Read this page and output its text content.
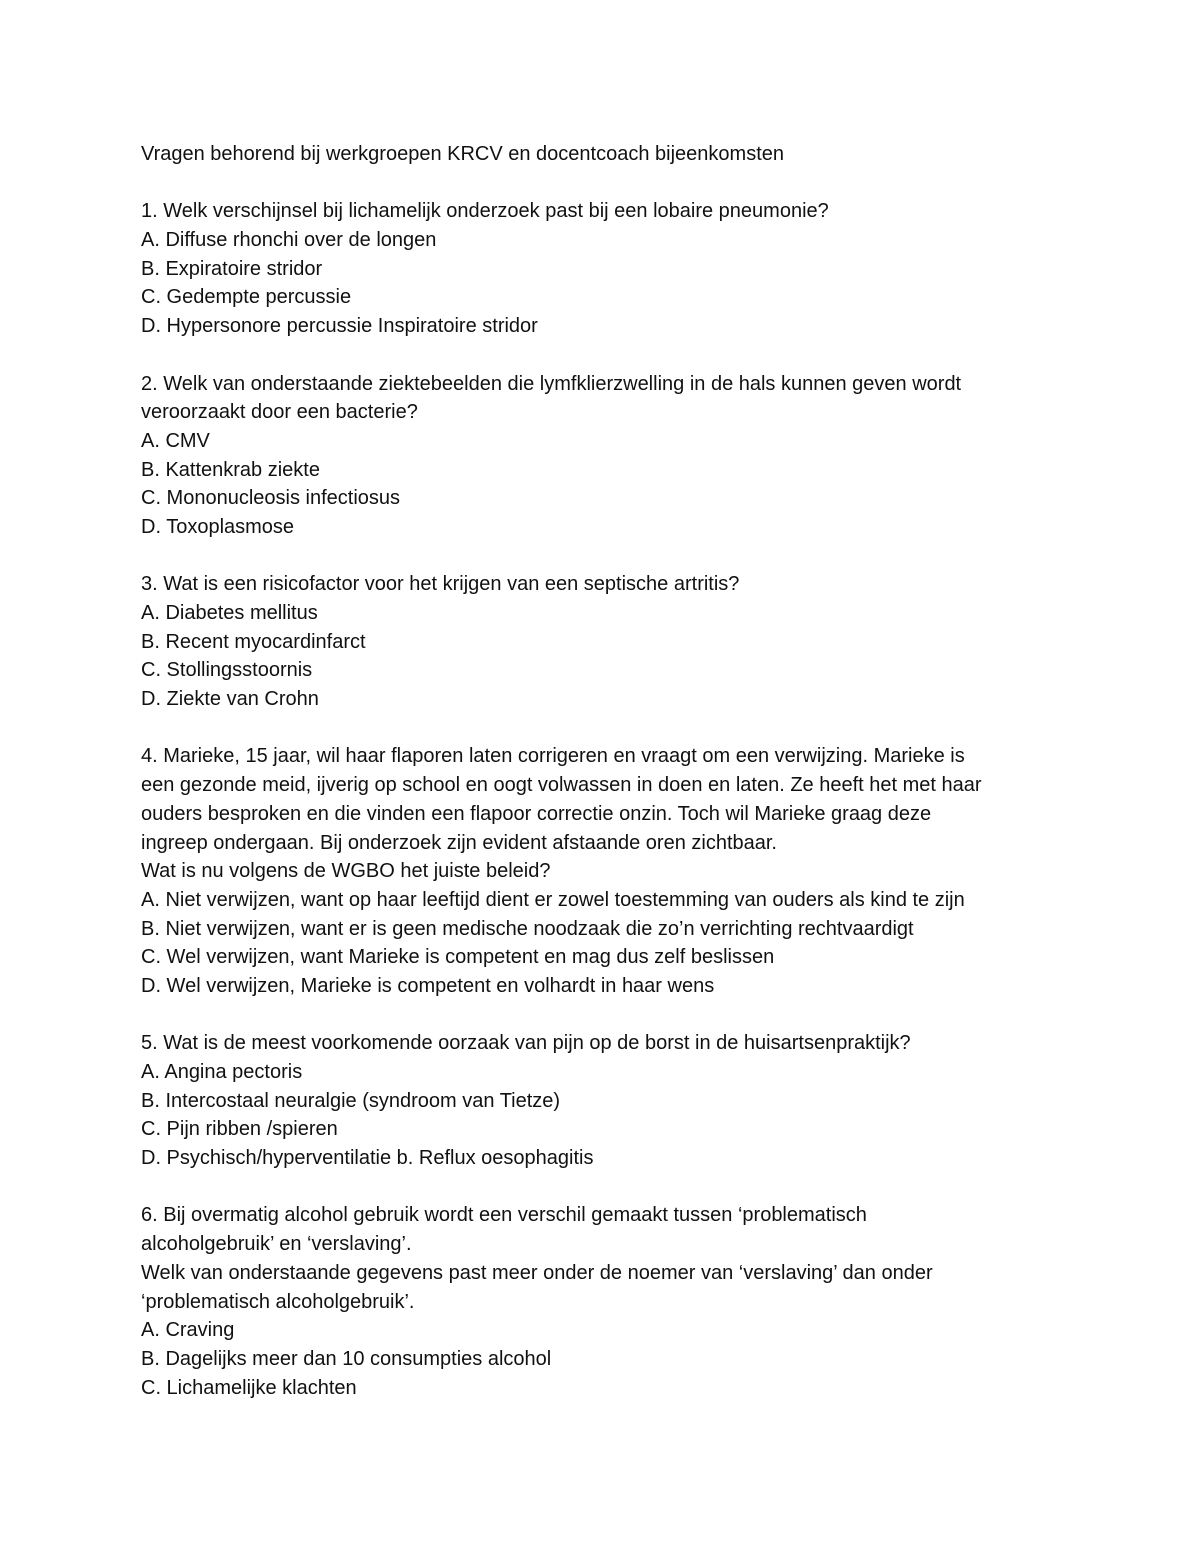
Vragen behorend bij werkgroepen KRCV en docentcoach bijeenkomsten
1. Welk verschijnsel bij lichamelijk onderzoek past bij een lobaire pneumonie?
A. Diffuse rhonchi over de longen
B. Expiratoire stridor
C. Gedempte percussie
D. Hypersonore percussie Inspiratoire stridor
2. Welk van onderstaande ziektebeelden die lymfklierzwelling in de hals kunnen geven wordt
veroorzaakt door een bacterie?
A. CMV
B. Kattenkrab ziekte
C. Mononucleosis infectiosus
D. Toxoplasmose
3. Wat is een risicofactor voor het krijgen van een septische artritis?
A. Diabetes mellitus
B. Recent myocardinfarct
C. Stollingsstoornis
D. Ziekte van Crohn
4. Marieke, 15 jaar, wil haar flaporen laten corrigeren en vraagt om een verwijzing. Marieke is
een gezonde meid, ijverig op school en oogt volwassen in doen en laten. Ze heeft het met haar
ouders besproken en die vinden een flapoor correctie onzin. Toch wil Marieke graag deze
ingreep ondergaan. Bij onderzoek zijn evident afstaande oren zichtbaar.
Wat is nu volgens de WGBO het juiste beleid?
A. Niet verwijzen, want op haar leeftijd dient er zowel toestemming van ouders als kind te zijn
B. Niet verwijzen, want er is geen medische noodzaak die zo’n verrichting rechtvaardigt
C. Wel verwijzen, want Marieke is competent en mag dus zelf beslissen
D. Wel verwijzen, Marieke is competent en volhardt in haar wens
5. Wat is de meest voorkomende oorzaak van pijn op de borst in de huisartsenpraktijk?
A. Angina pectoris
B. Intercostaal neuralgie (syndroom van Tietze)
C. Pijn ribben /spieren
D. Psychisch/hyperventilatie b. Reflux oesophagitis
6. Bij overmatig alcohol gebruik wordt een verschil gemaakt tussen ‘problematisch
alcoholgebruik’ en ‘verslaving’.
Welk van onderstaande gegevens past meer onder de noemer van ‘verslaving’ dan onder
‘problematisch alcoholgebruik’.
A. Craving
B. Dagelijks meer dan 10 consumpties alcohol
C. Lichamelijke klachten
